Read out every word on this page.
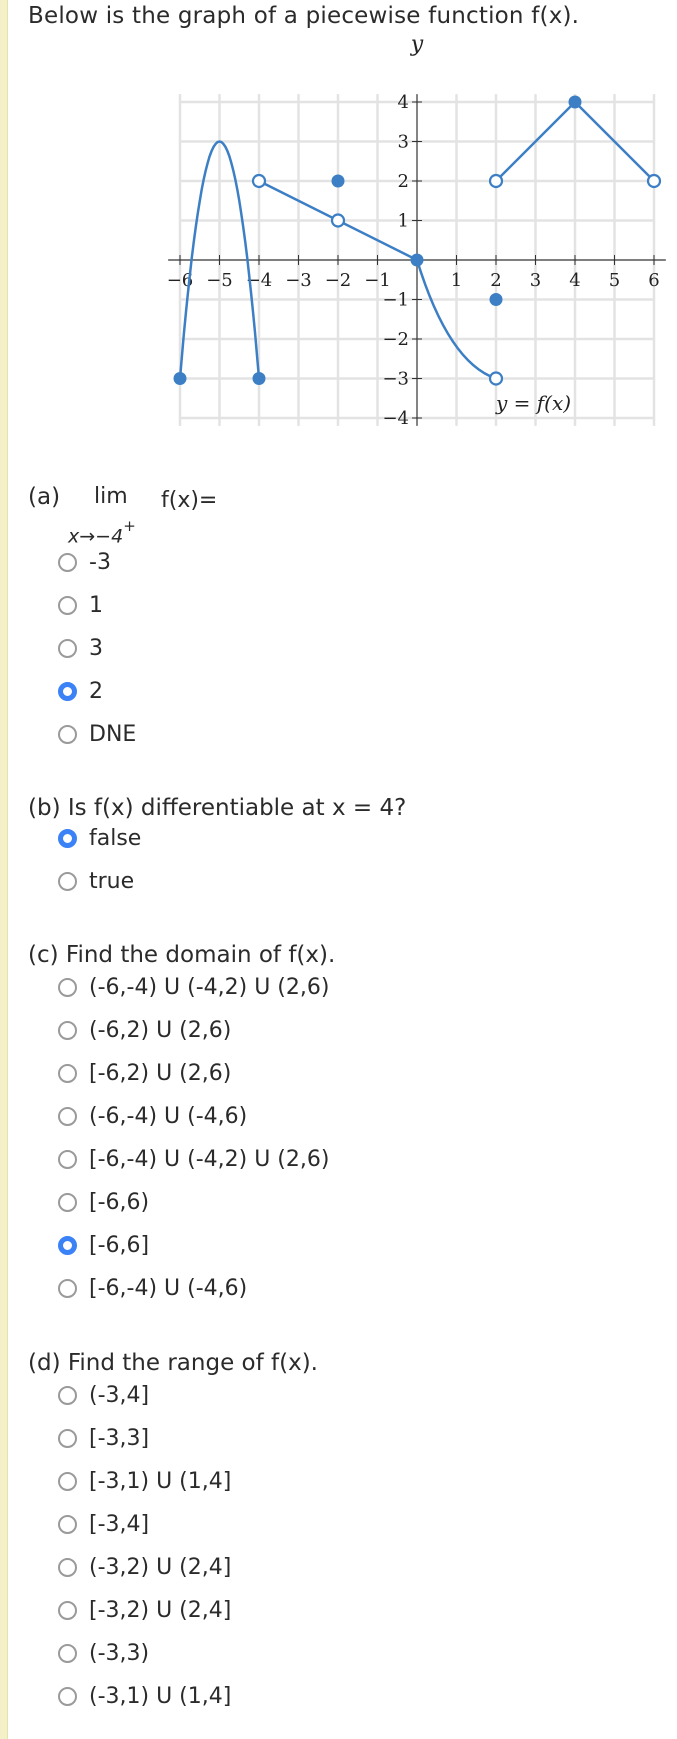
Below is the graph of a piecewise function f(x).
−6 −5 −4 −3 −2 −1	1 2 3 4 5 6
4
3
2
1
−1
−2
−3
−4
y
y = f(x)
(a) lim
x→−4+
f(x)=
-3
1
3
2
DNE
(b) Is f(x) differentiable at x = 4?
false
true
(c) Find the domain of f(x).
(-6,-4) U (-4,2) U (2,6)
(-6,2) U (2,6)
[-6,2) U (2,6)
(-6,-4) U (-4,6)
[-6,-4) U (-4,2) U (2,6)
[-6,6)
[-6,6]
[-6,-4) U (-4,6)
(d) Find the range of f(x).
(-3,4]
[-3,3]
[-3,1) U (1,4]
[-3,4]
(-3,2) U (2,4]
[-3,2) U (2,4]
(-3,3)
(-3,1) U (1,4]
